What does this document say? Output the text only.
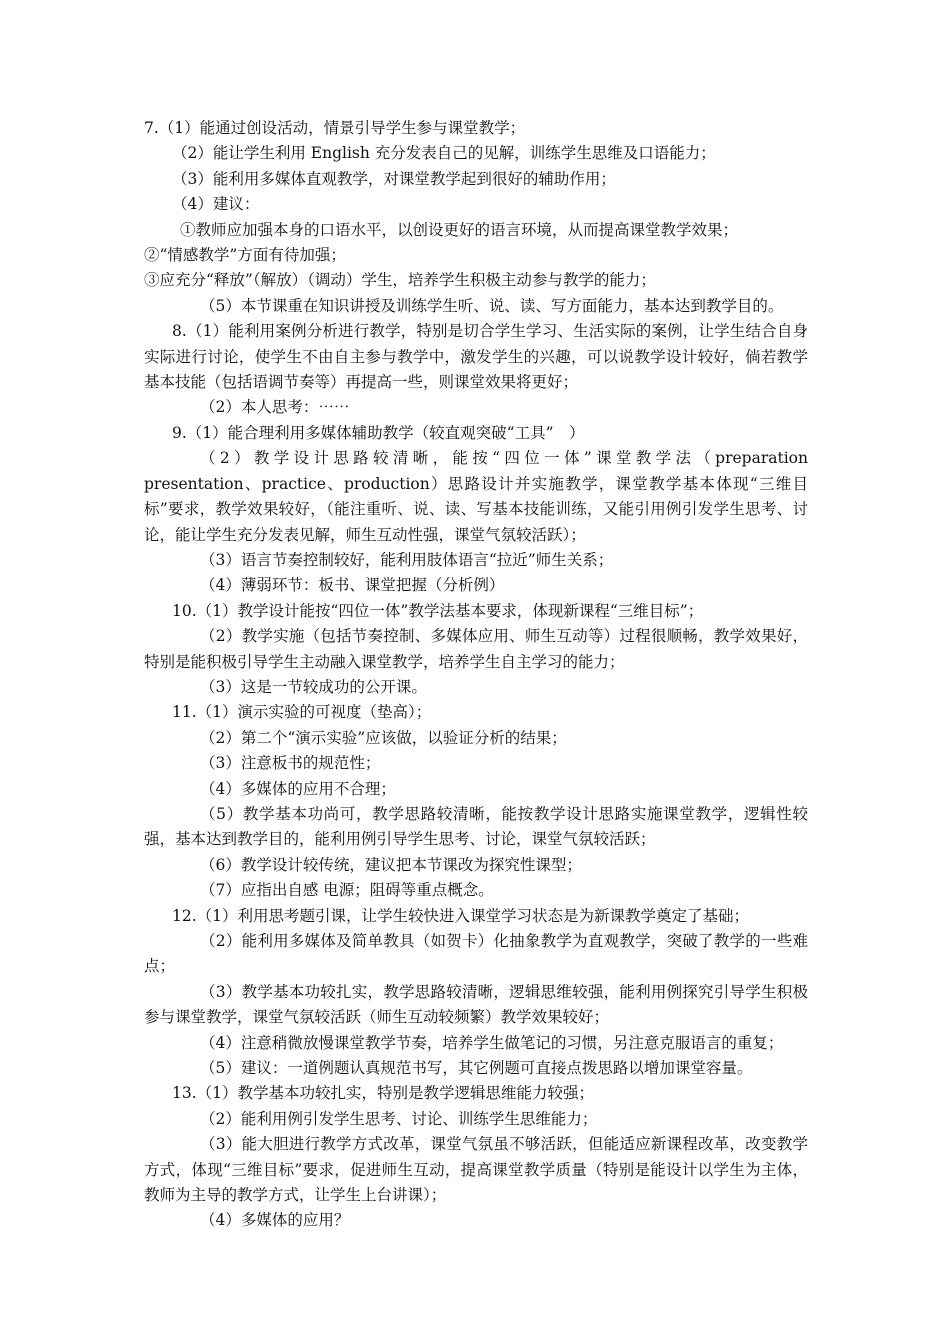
7.（1）能通过创设活动，情景引导学生参与课堂教学；

（2）能让学生利用 English 充分发表自己的见解，训练学生思维及口语能力；

（3）能利用多媒体直观教学，对课堂教学起到很好的辅助作用；

（4）建议：

①教师应加强本身的口语水平，以创设更好的语言环境，从而提高课堂教学效果；

②“情感教学”方面有待加强；

③应充分“释放”（解放）（调动）学生，培养学生积极主动参与教学的能力；

（5）本节课重在知识讲授及训练学生听、说、读、写方面能力，基本达到教学目的。

8.（1）能利用案例分析进行教学，特别是切合学生学习、生活实际的案例，让学生结合自身实际进行讨论，使学生不由自主参与教学中，激发学生的兴趣，可以说教学设计较好，倘若教学基本技能（包括语调节奏等）再提高一些，则课堂效果将更好；

（2）本人思考：⋯⋯

9.（1）能合理利用多媒体辅助教学（较直观突破“工具”　）

（2）教学设计思路较清晰，能按“四位一体”课堂教学法（preparation presentation、practice、production）思路设计并实施教学，课堂教学基本体现“三维目标”要求，教学效果较好，（能注重听、说、读、写基本技能训练，又能引用例引发学生思考、讨论，能让学生充分发表见解，师生互动性强，课堂气氛较活跃）；

（3）语言节奏控制较好，能利用肢体语言“拉近”师生关系；

（4）薄弱环节：板书、课堂把握（分析例）

10.（1）教学设计能按“四位一体”教学法基本要求，体现新课程“三维目标”；

（2）教学实施（包括节奏控制、多媒体应用、师生互动等）过程很顺畅，教学效果好，特别是能积极引导学生主动融入课堂教学，培养学生自主学习的能力；

（3）这是一节较成功的公开课。

11.（1）演示实验的可视度（垫高）；

（2）第二个“演示实验”应该做，以验证分析的结果；

（3）注意板书的规范性；

（4）多媒体的应用不合理；

（5）教学基本功尚可，教学思路较清晰，能按教学设计思路实施课堂教学，逻辑性较强，基本达到教学目的，能利用例引导学生思考、讨论，课堂气氛较活跃；

（6）教学设计较传统，建议把本节课改为探究性课型；

（7）应指出自感 电源；阻碍等重点概念。

12.（1）利用思考题引课，让学生较快进入课堂学习状态是为新课教学奠定了基础；

（2）能利用多媒体及简单教具（如贺卡）化抽象教学为直观教学，突破了教学的一些难点；

（3）教学基本功较扎实，教学思路较清晰，逻辑思维较强，能利用例探究引导学生积极参与课堂教学，课堂气氛较活跃（师生互动较频繁）教学效果较好；

（4）注意稍微放慢课堂教学节奏，培养学生做笔记的习惯，另注意克服语言的重复；

（5）建议：一道例题认真规范书写，其它例题可直接点拨思路以增加课堂容量。

13.（1）教学基本功较扎实，特别是教学逻辑思维能力较强；

（2）能利用例引发学生思考、讨论、训练学生思维能力；

（3）能大胆进行教学方式改革，课堂气氛虽不够活跃，但能适应新课程改革，改变教学方式，体现“三维目标”要求，促进师生互动，提高课堂教学质量（特别是能设计以学生为主体，教师为主导的教学方式，让学生上台讲课）；

（4）多媒体的应用？
